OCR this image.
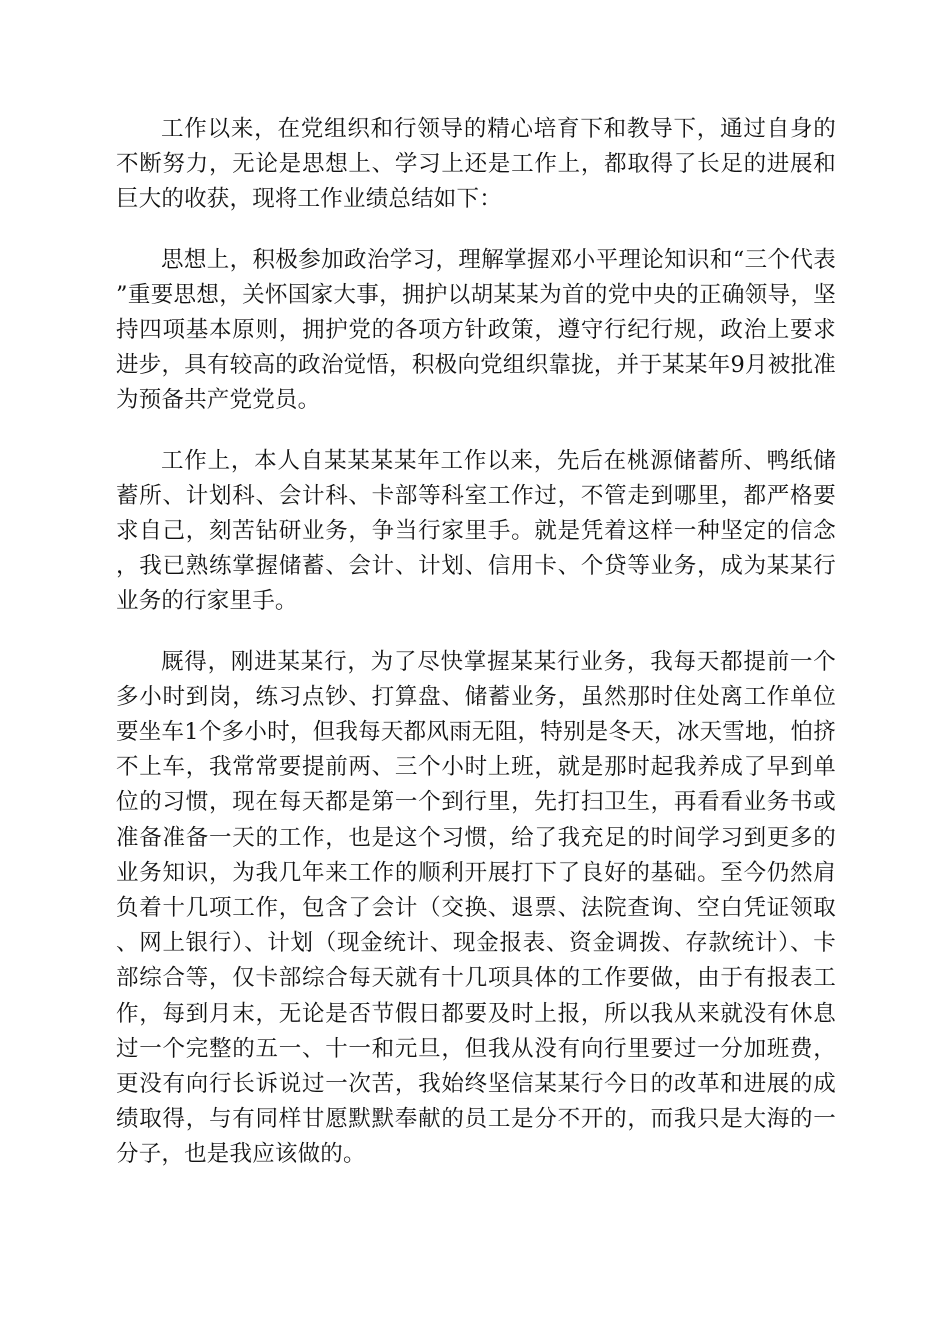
工作以来，在党组织和行领导的精心培育下和教导下，通过自身的不断努力，无论是思想上、学习上还是工作上，都取得了长足的进展和巨大的收获，现将工作业绩总结如下：

思想上，积极参加政治学习，理解掌握邓小平理论知识和“三个代表”重要思想，关怀国家大事，拥护以胡某某为首的党中央的正确领导，坚持四项基本原则，拥护党的各项方针政策，遵守行纪行规，政治上要求进步，具有较高的政治觉悟，积极向党组织靠拢，并于某某年9月被批准为预备共产党党员。

工作上，本人自某某某某年工作以来，先后在桃源储蓄所、鸭纸储蓄所、计划科、会计科、卡部等科室工作过，不管走到哪里，都严格要求自己，刻苦钻研业务，争当行家里手。就是凭着这样一种坚定的信念，我已熟练掌握储蓄、会计、计划、信用卡、个贷等业务，成为某某行业务的行家里手。

厩得，刚进某某行，为了尽快掌握某某行业务，我每天都提前一个多小时到岗，练习点钞、打算盘、储蓄业务，虽然那时住处离工作单位要坐车1个多小时，但我每天都风雨无阻，特别是冬天，冰天雪地，怕挤不上车，我常常要提前两、三个小时上班，就是那时起我养成了早到单位的习惯，现在每天都是第一个到行里，先打扫卫生，再看看业务书或准备准备一天的工作，也是这个习惯，给了我充足的时间学习到更多的业务知识，为我几年来工作的顺利开展打下了良好的基础。至今仍然肩负着十几项工作，包含了会计（交换、退票、法院查询、空白凭证领取、网上银行）、计划（现金统计、现金报表、资金调拨、存款统计）、卡部综合等，仅卡部综合每天就有十几项具体的工作要做，由于有报表工作，每到月末，无论是否节假日都要及时上报，所以我从来就没有休息过一个完整的五一、十一和元旦，但我从没有向行里要过一分加班费，更没有向行长诉说过一次苦，我始终坚信某某行今日的改革和进展的成绩取得，与有同样甘愿默默奉献的员工是分不开的，而我只是大海的一分子，也是我应该做的。
